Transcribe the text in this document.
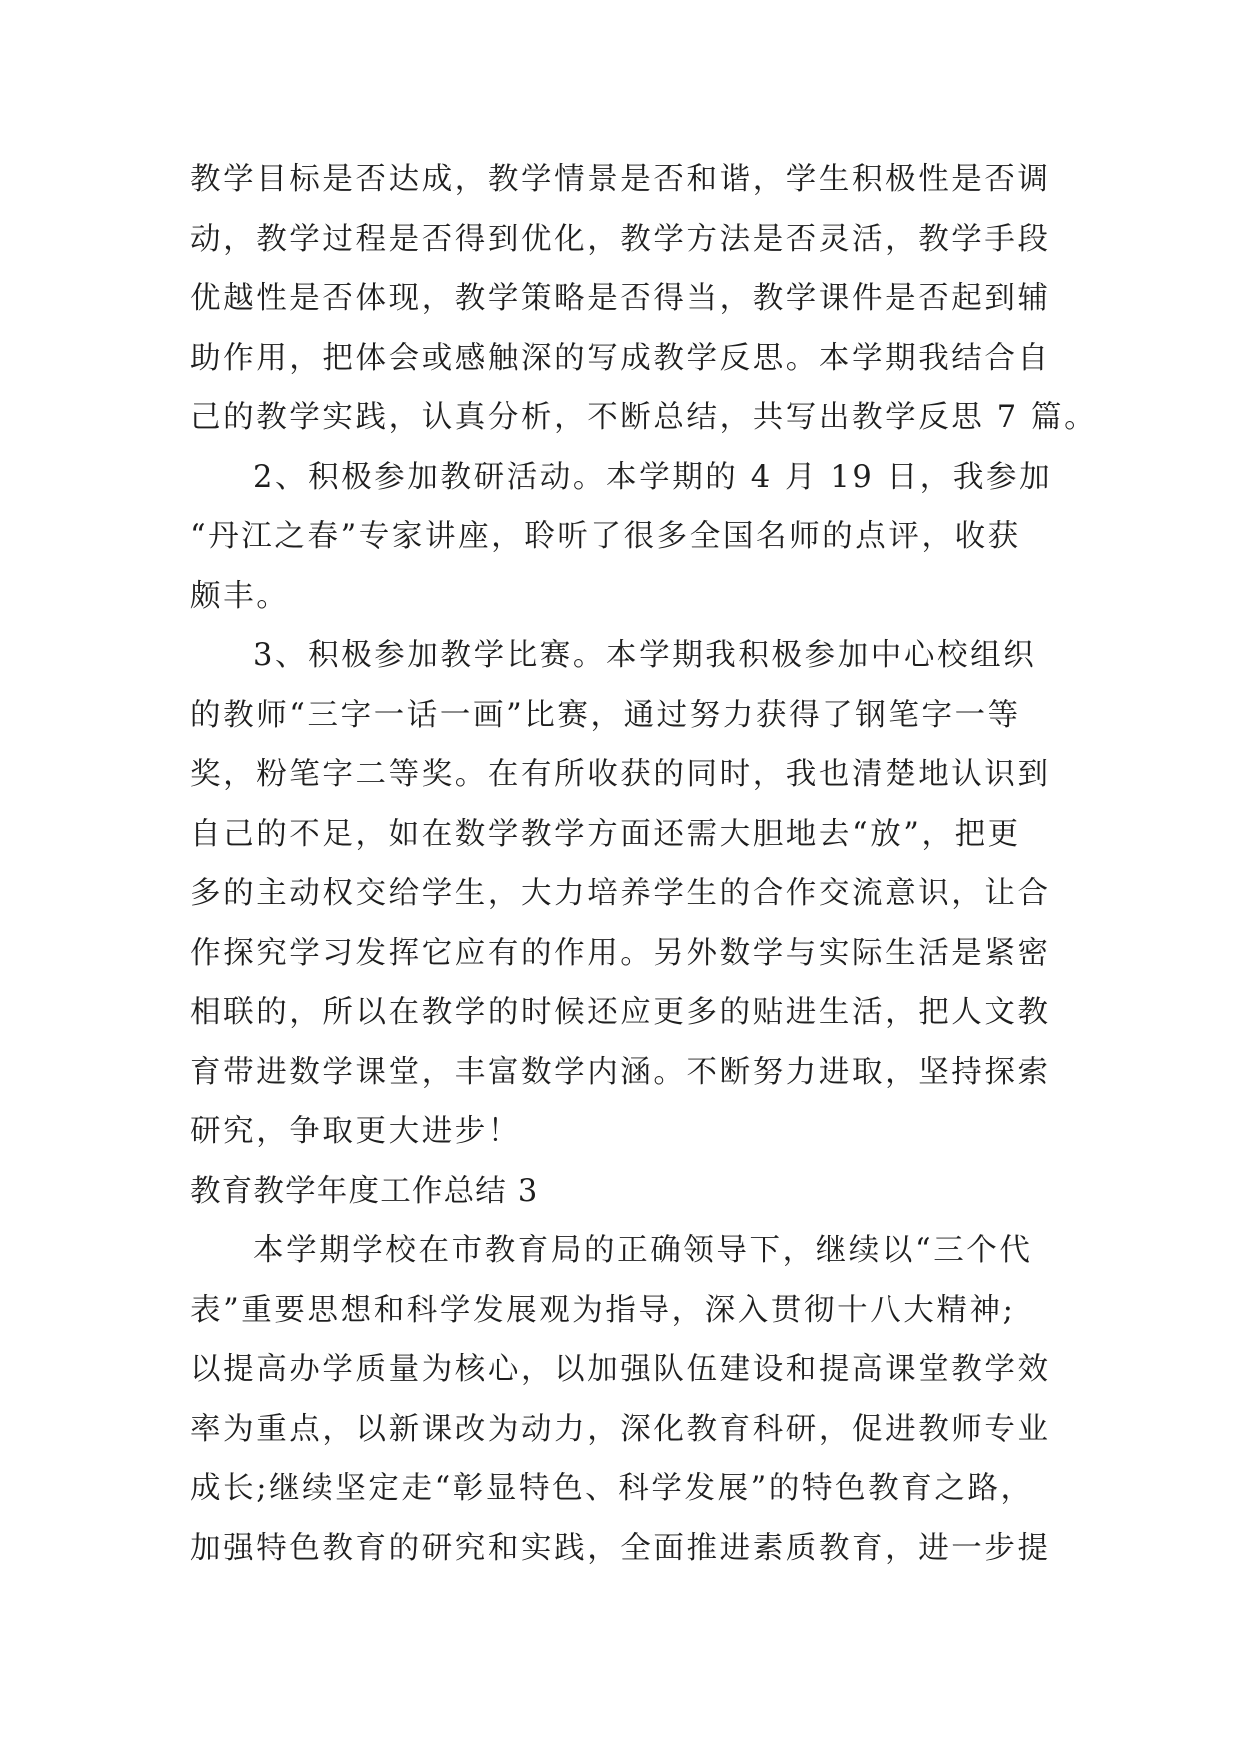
教学目标是否达成，教学情景是否和谐，学生积极性是否调
动，教学过程是否得到优化，教学方法是否灵活，教学手段
优越性是否体现，教学策略是否得当，教学课件是否起到辅
助作用，把体会或感触深的写成教学反思。本学期我结合自
己的教学实践，认真分析，不断总结，共写出教学反思 7 篇。
2、积极参加教研活动。本学期的 4 月 19 日，我参加
“丹江之春”专家讲座，聆听了很多全国名师的点评，收获
颇丰。
3、积极参加教学比赛。本学期我积极参加中心校组织
的教师“三字一话一画”比赛，通过努力获得了钢笔字一等
奖，粉笔字二等奖。在有所收获的同时，我也清楚地认识到
自己的不足，如在数学教学方面还需大胆地去“放”，把更
多的主动权交给学生，大力培养学生的合作交流意识，让合
作探究学习发挥它应有的作用。另外数学与实际生活是紧密
相联的，所以在教学的时候还应更多的贴进生活，把人文教
育带进数学课堂，丰富数学内涵。不断努力进取，坚持探索
研究，争取更大进步！
教育教学年度工作总结 3
本学期学校在市教育局的正确领导下，继续以“三个代
表”重要思想和科学发展观为指导，深入贯彻十八大精神;
以提高办学质量为核心，以加强队伍建设和提高课堂教学效
率为重点，以新课改为动力，深化教育科研，促进教师专业
成长;继续坚定走“彰显特色、科学发展”的特色教育之路，
加强特色教育的研究和实践，全面推进素质教育，进一步提
